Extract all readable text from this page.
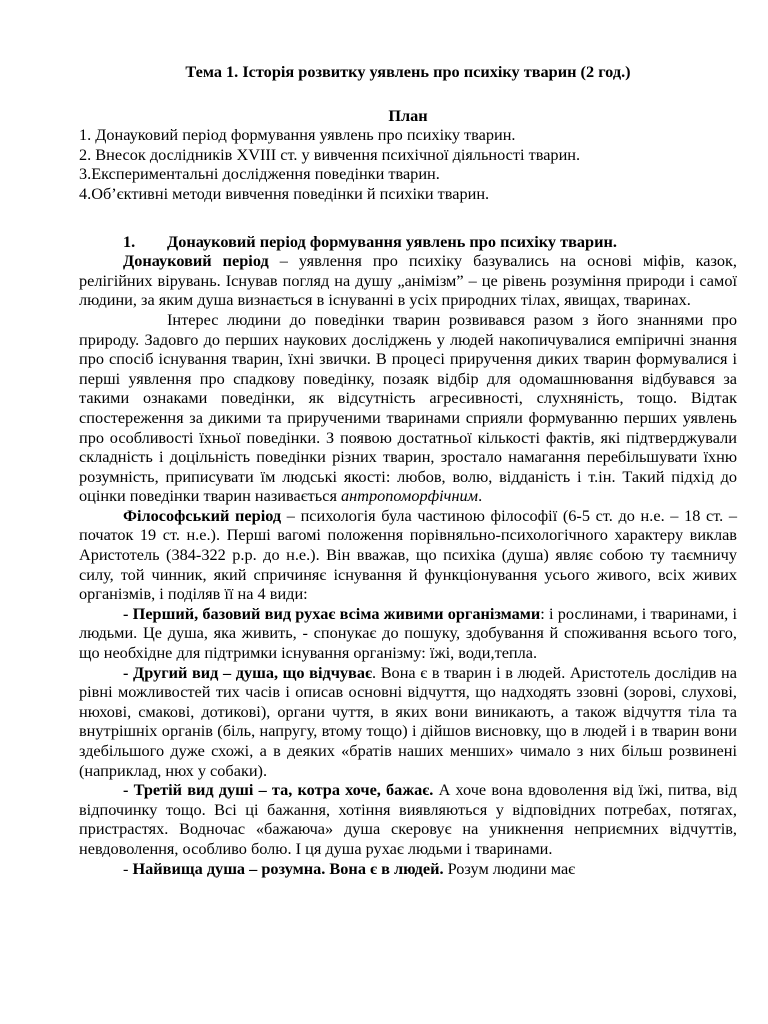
Тема 1. Історія розвитку уявлень про психіку тварин (2 год.)

План

1. Донауковий період формування уявлень про психіку тварин.

2. Внесок дослідників XVIII ст. у вивчення психічної діяльності тварин.

3.Експериментальні дослідження поведінки тварин.

4.Об’єктивні методи вивчення поведінки й психіки тварин.

1. Донауковий період формування уявлень про психіку тварин.

Донауковий період – уявлення про психіку базувались на основі міфів, казок, релігійних вірувань. Існував погляд на душу „анімізм” – це рівень розуміння природи і самої людини, за яким душа визнається в існуванні в усіх природних тілах, явищах, тваринах.

Інтерес людини до поведінки тварин розвивався разом з його знаннями про природу. Задовго до перших наукових досліджень у людей накопичувалися емпіричні знання про спосіб існування тварин, їхні звички. В процесі приручення диких тварин формувалися і перші уявлення про спадкову поведінку, позаяк відбір для одомашнювання відбувався за такими ознаками поведінки, як відсутність агресивності, слухняність, тощо. Відтак спостереження за дикими та прирученими тваринами сприяли формуванню перших уявлень про особливості їхньої поведінки. З появою достатньої кількості фактів, які підтверджували складність і доцільність поведінки різних тварин, зростало намагання перебільшувати їхню розумність, приписувати їм людські якості: любов, волю, відданість і т.ін. Такий підхід до оцінки поведінки тварин називається антропоморфічним.

Філософський період – психологія була частиною філософії (6-5 ст. до н.е. – 18 ст. – початок 19 ст. н.е.). Перші вагомі положення порівняльно-психологічного характеру виклав Аристотель (384-322 р.р. до н.е.). Він вважав, що психіка (душа) являє собою ту таємничу силу, той чинник, який спричиняє існування й функціонування усього живого, всіх живих організмів, і поділяв її на 4 види:

- Перший, базовий вид рухає всіма живими організмами: і рослинами, і тваринами, і людьми. Це душа, яка живить, - спонукає до пошуку, здобування й споживання всього того, що необхідне для підтримки існування організму: їжі, води,тепла.

- Другий вид – душа, що відчуває. Вона є в тварин і в людей. Аристотель дослідив на рівні можливостей тих часів і описав основні відчуття, що надходять ззовні (зорові, слухові, нюхові, смакові, дотикові), органи чуття, в яких вони виникають, а також відчуття тіла та внутрішніх органів (біль, напругу, втому тощо) і дійшов висновку, що в людей і в тварин вони здебільшого дуже схожі, а в деяких «братів наших менших» чимало з них більш розвинені (наприклад, нюх у собаки).

- Третій вид душі – та, котра хоче, бажає. А хоче вона вдоволення від їжі, питва, від відпочинку тощо. Всі ці бажання, хотіння виявляються у відповідних потребах, потягах, пристрастях. Водночас «бажаюча» душа скеровує на уникнення неприємних відчуттів, невдоволення, особливо болю. І ця душа рухає людьми і тваринами.

- Найвища душа – розумна. Вона є в людей. Розум людини має
